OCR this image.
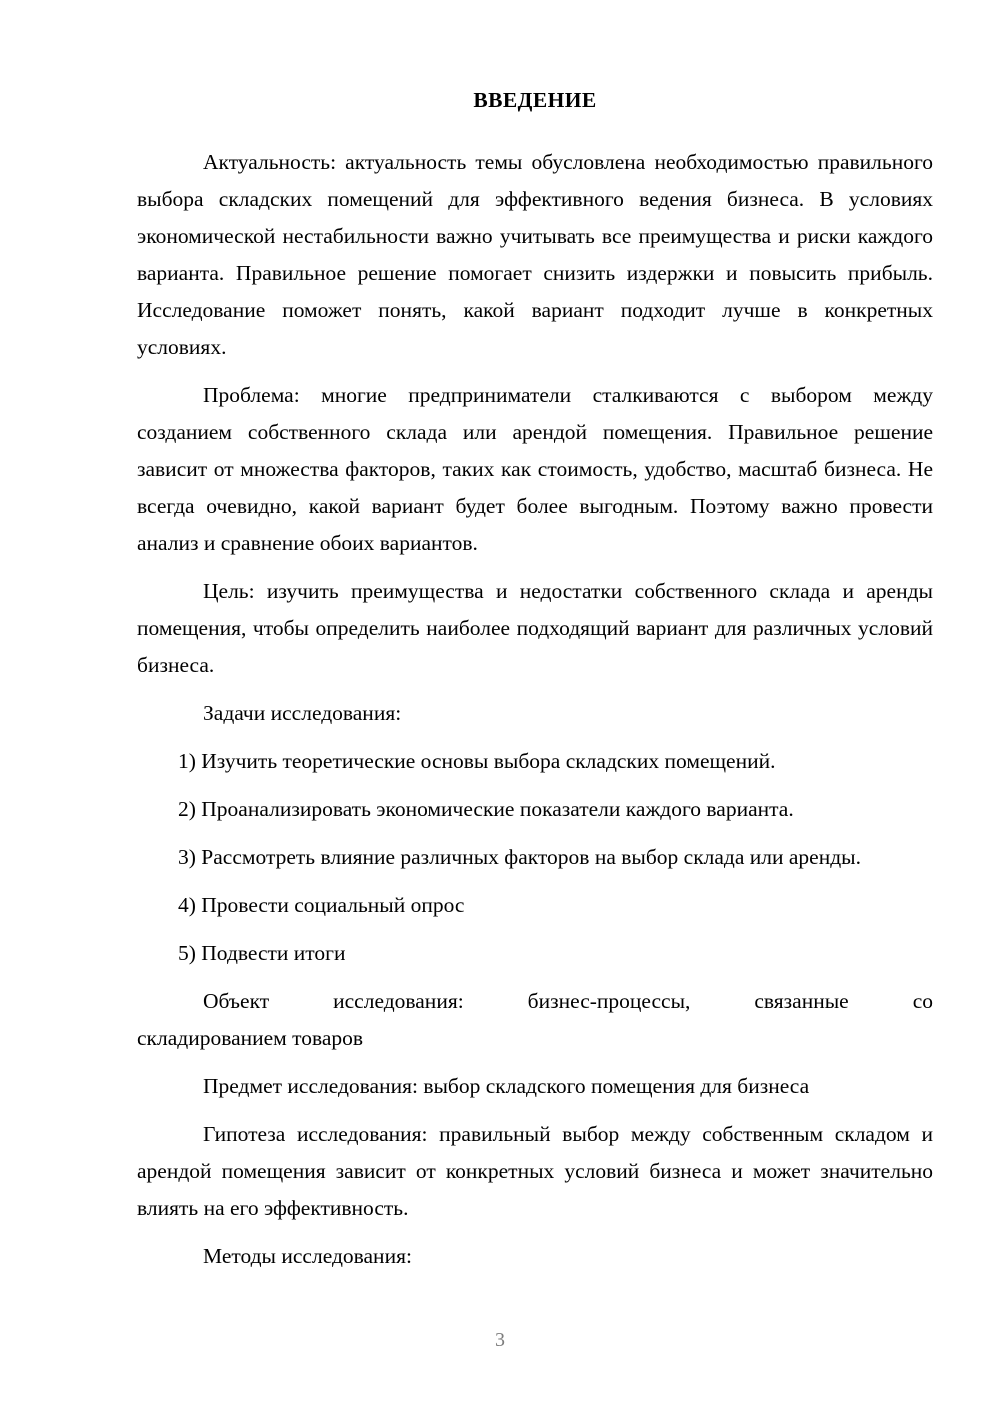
ВВЕДЕНИЕ

Актуальность: актуальность темы обусловлена необходимостью правильного выбора складских помещений для эффективного ведения бизнеса. В условиях экономической нестабильности важно учитывать все преимущества и риски каждого варианта. Правильное решение помогает снизить издержки и повысить прибыль. Исследование поможет понять, какой вариант подходит лучше в конкретных условиях.

Проблема: многие предприниматели сталкиваются с выбором между созданием собственного склада или арендой помещения. Правильное решение зависит от множества факторов, таких как стоимость, удобство, масштаб бизнеса. Не всегда очевидно, какой вариант будет более выгодным. Поэтому важно провести анализ и сравнение обоих вариантов.

Цель: изучить преимущества и недостатки собственного склада и аренды помещения, чтобы определить наиболее подходящий вариант для различных условий бизнеса.

Задачи исследования:

1) Изучить теоретические основы выбора складских помещений.

2) Проанализировать экономические показатели каждого варианта.

3) Рассмотреть влияние различных факторов на выбор склада или аренды.

4) Провести социальный опрос

5) Подвести итоги

Объект исследования: бизнес-процессы, связанные со
складированием товаров

Предмет исследования: выбор складского помещения для бизнеса

Гипотеза исследования: правильный выбор между собственным складом и арендой помещения зависит от конкретных условий бизнеса и может значительно влиять на его эффективность.

Методы исследования:

3
